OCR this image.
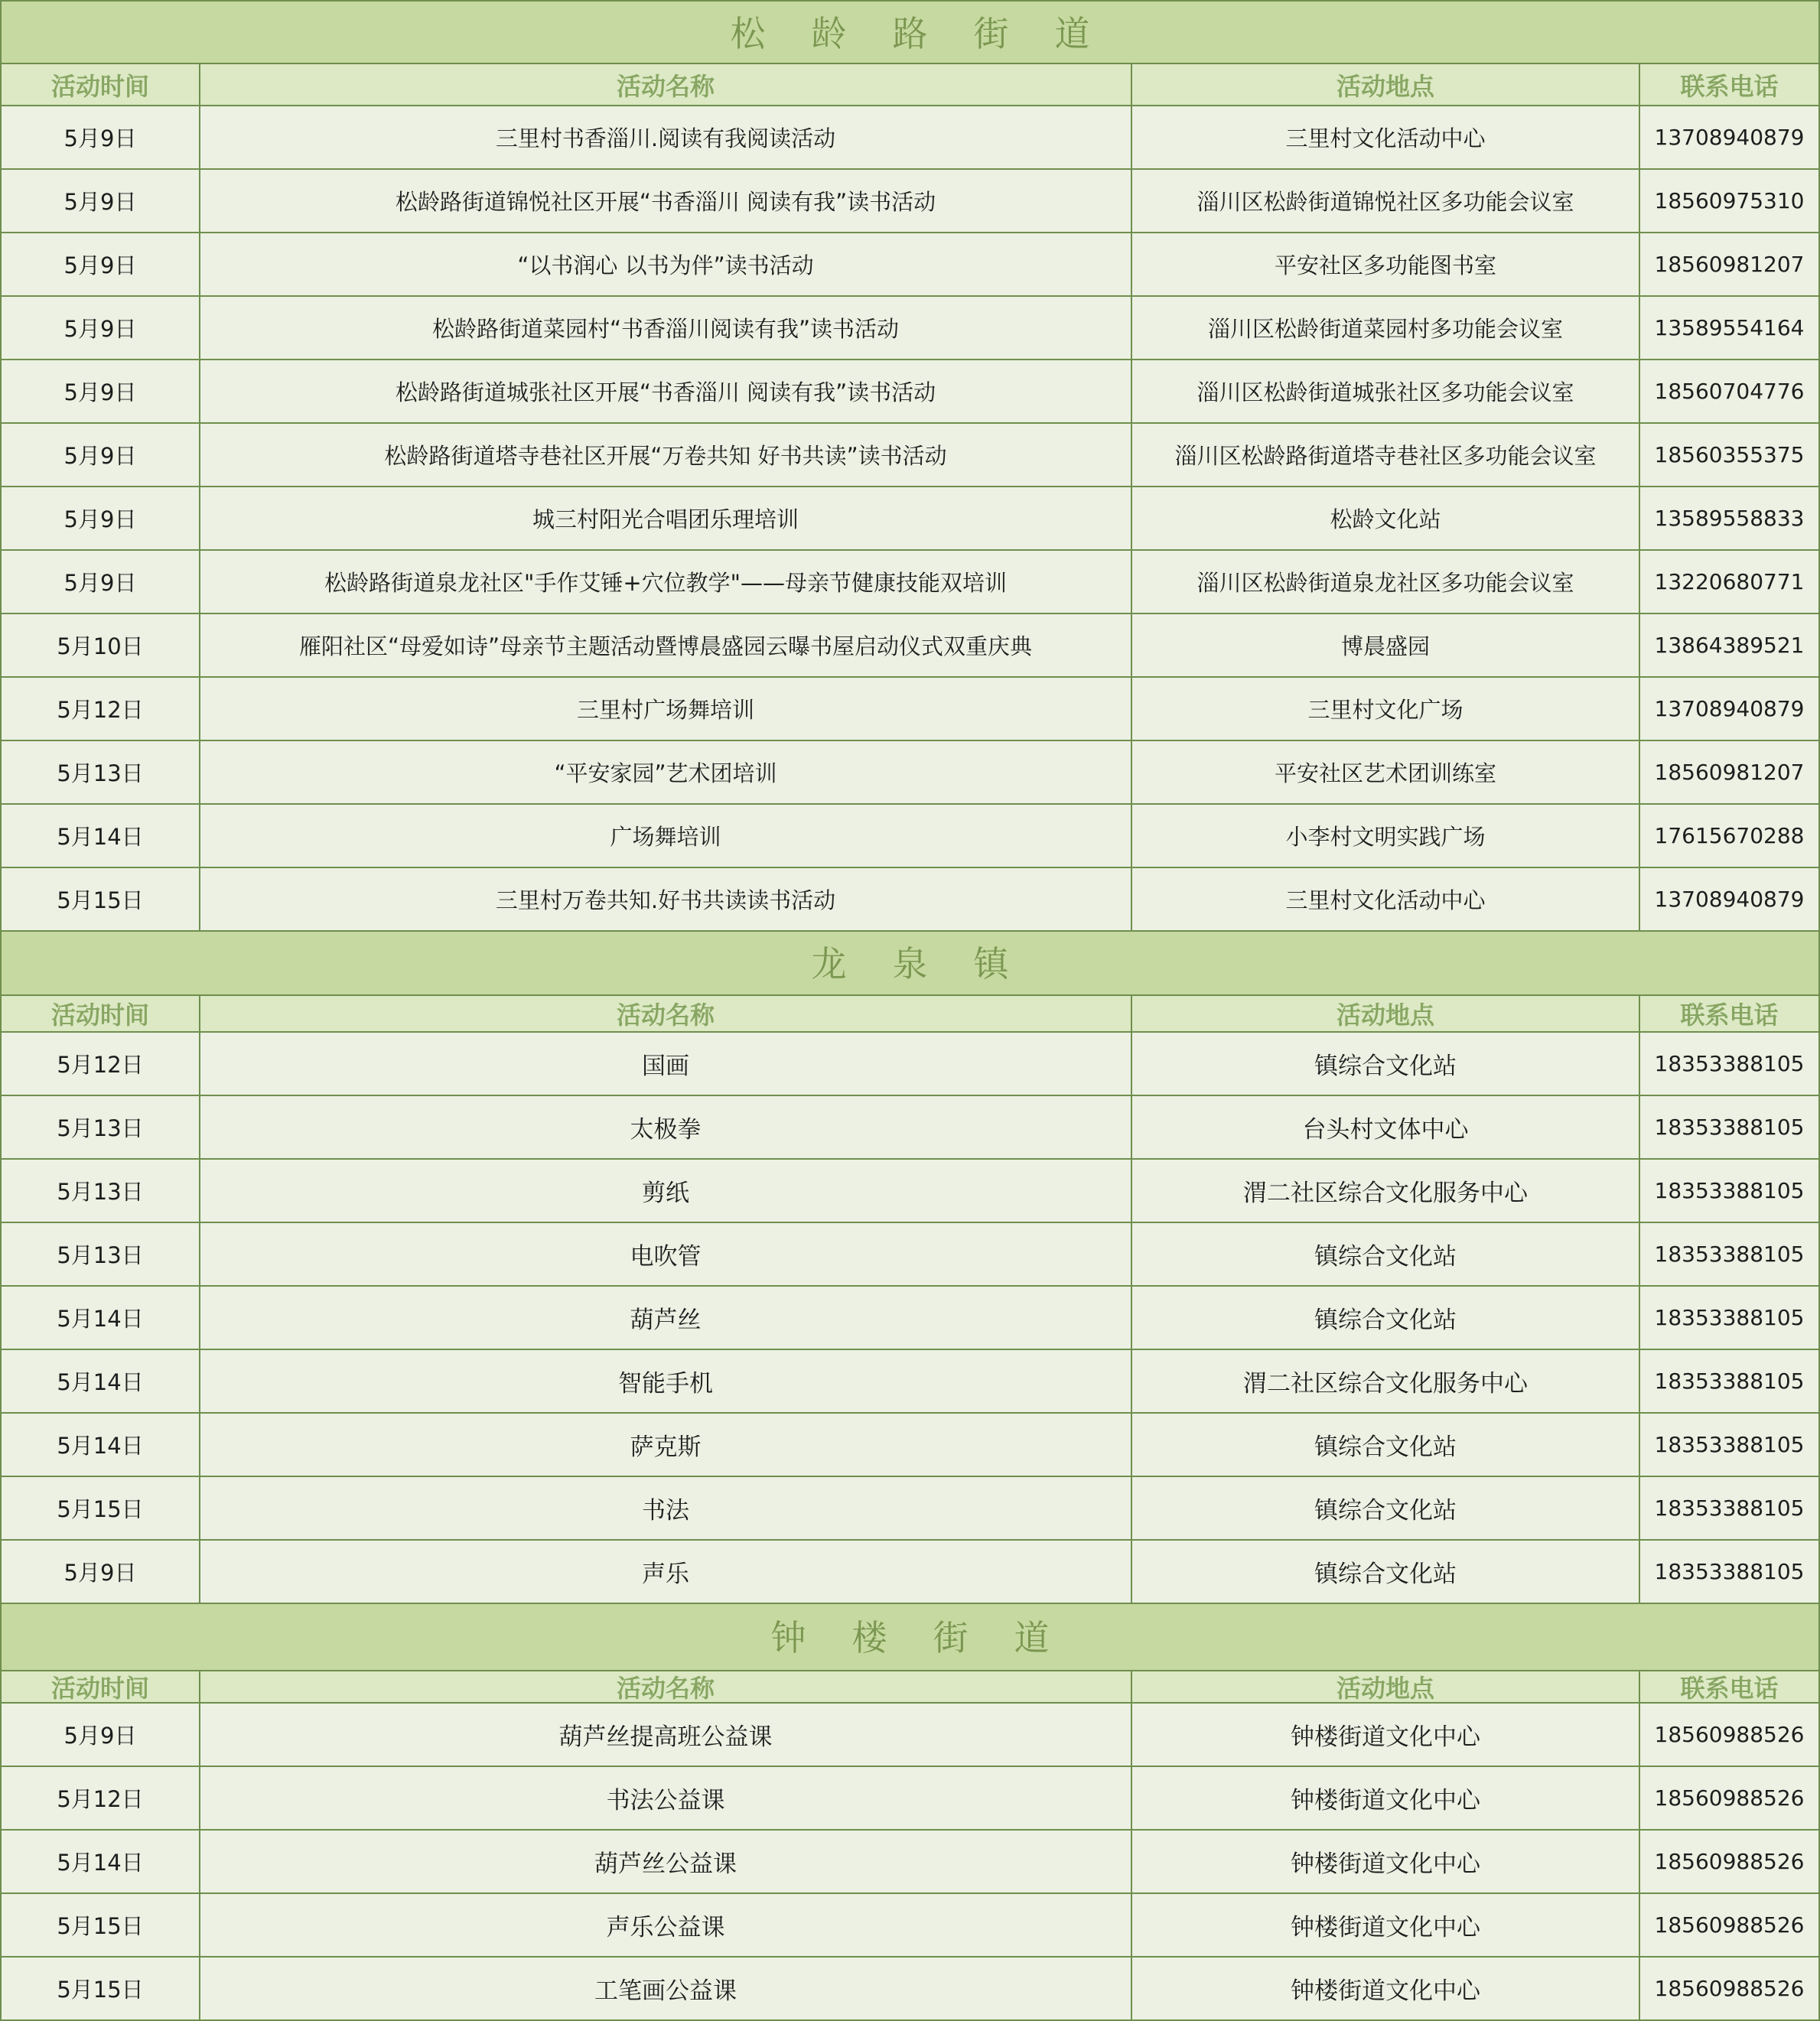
松龄路街道
活动时间	活动名称	活动地点	联系电话
5月9日	三里村书香淄川.阅读有我阅读活动	三里村文化活动中心	13708940879
5月9日	松龄路街道锦悦社区开展“书香淄川 阅读有我”读书活动	淄川区松龄街道锦悦社区多功能会议室	18560975310
5月9日	“以书润心 以书为伴”读书活动	平安社区多功能图书室	18560981207
5月9日	松龄路街道菜园村“书香淄川阅读有我”读书活动	淄川区松龄街道菜园村多功能会议室	13589554164
5月9日	松龄路街道城张社区开展“书香淄川 阅读有我”读书活动	淄川区松龄街道城张社区多功能会议室	18560704776
5月9日	松龄路街道塔寺巷社区开展“万卷共知 好书共读”读书活动	淄川区松龄路街道塔寺巷社区多功能会议室	18560355375
5月9日	城三村阳光合唱团乐理培训	松龄文化站	13589558833
5月9日	松龄路街道泉龙社区"手作艾锤+穴位教学"——母亲节健康技能双培训	淄川区松龄街道泉龙社区多功能会议室	13220680771
5月10日	雁阳社区“母爱如诗”母亲节主题活动暨博晨盛园云曝书屋启动仪式双重庆典	博晨盛园	13864389521
5月12日	三里村广场舞培训	三里村文化广场	13708940879
5月13日	“平安家园”艺术团培训	平安社区艺术团训练室	18560981207
5月14日	广场舞培训	小李村文明实践广场	17615670288
5月15日	三里村万卷共知.好书共读读书活动	三里村文化活动中心	13708940879
龙泉镇
活动时间	活动名称	活动地点	联系电话
5月12日	国画	镇综合文化站	18353388105
5月13日	太极拳	台头村文体中心	18353388105
5月13日	剪纸	渭二社区综合文化服务中心	18353388105
5月13日	电吹管	镇综合文化站	18353388105
5月14日	葫芦丝	镇综合文化站	18353388105
5月14日	智能手机	渭二社区综合文化服务中心	18353388105
5月14日	萨克斯	镇综合文化站	18353388105
5月15日	书法	镇综合文化站	18353388105
5月9日	声乐	镇综合文化站	18353388105
钟楼街道
活动时间	活动名称	活动地点	联系电话
5月9日	葫芦丝提高班公益课	钟楼街道文化中心	18560988526
5月12日	书法公益课	钟楼街道文化中心	18560988526
5月14日	葫芦丝公益课	钟楼街道文化中心	18560988526
5月15日	声乐公益课	钟楼街道文化中心	18560988526
5月15日	工笔画公益课	钟楼街道文化中心	18560988526
